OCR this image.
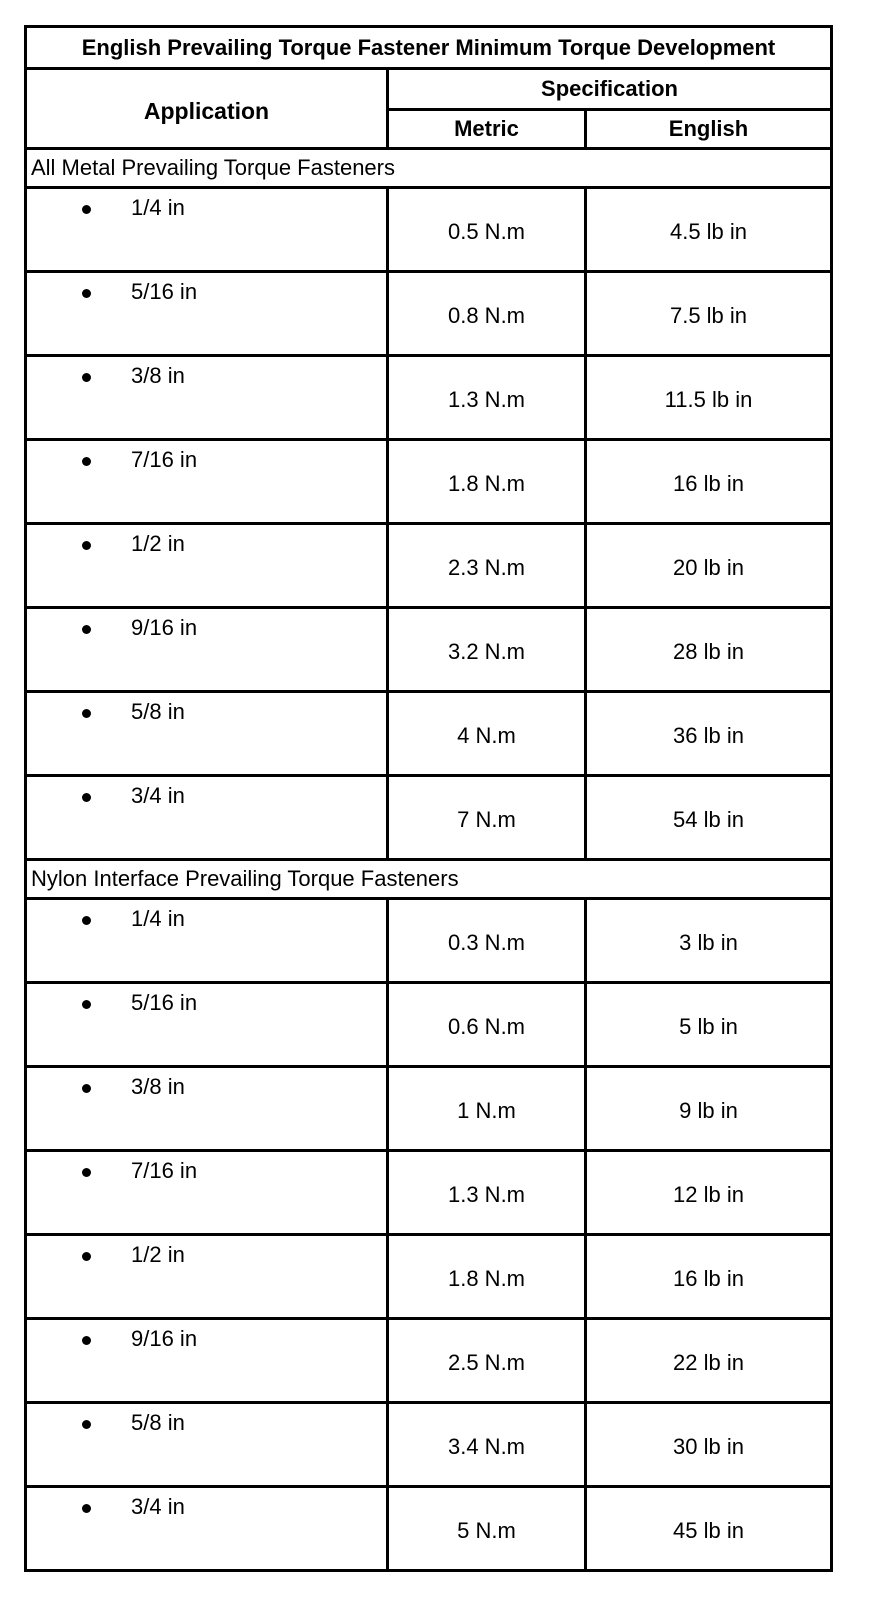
English Prevailing Torque Fastener Minimum Torque Development		
Application	Specification	
	Metric	English
All Metal Prevailing Torque Fasteners		

1/4 in	0.5 N.m	4.5 lb in

5/16 in	0.8 N.m	7.5 lb in

3/8 in	1.3 N.m	11.5 lb in

7/16 in	1.8 N.m	16 lb in

1/2 in	2.3 N.m	20 lb in

9/16 in	3.2 N.m	28 lb in

5/8 in	4 N.m	36 lb in

3/4 in	7 N.m	54 lb in
Nylon Interface Prevailing Torque Fasteners		

1/4 in	0.3 N.m	3 lb in

5/16 in	0.6 N.m	5 lb in

3/8 in	1 N.m	9 lb in

7/16 in	1.3 N.m	12 lb in

1/2 in	1.8 N.m	16 lb in

9/16 in	2.5 N.m	22 lb in

5/8 in	3.4 N.m	30 lb in

3/4 in	5 N.m	45 lb in
